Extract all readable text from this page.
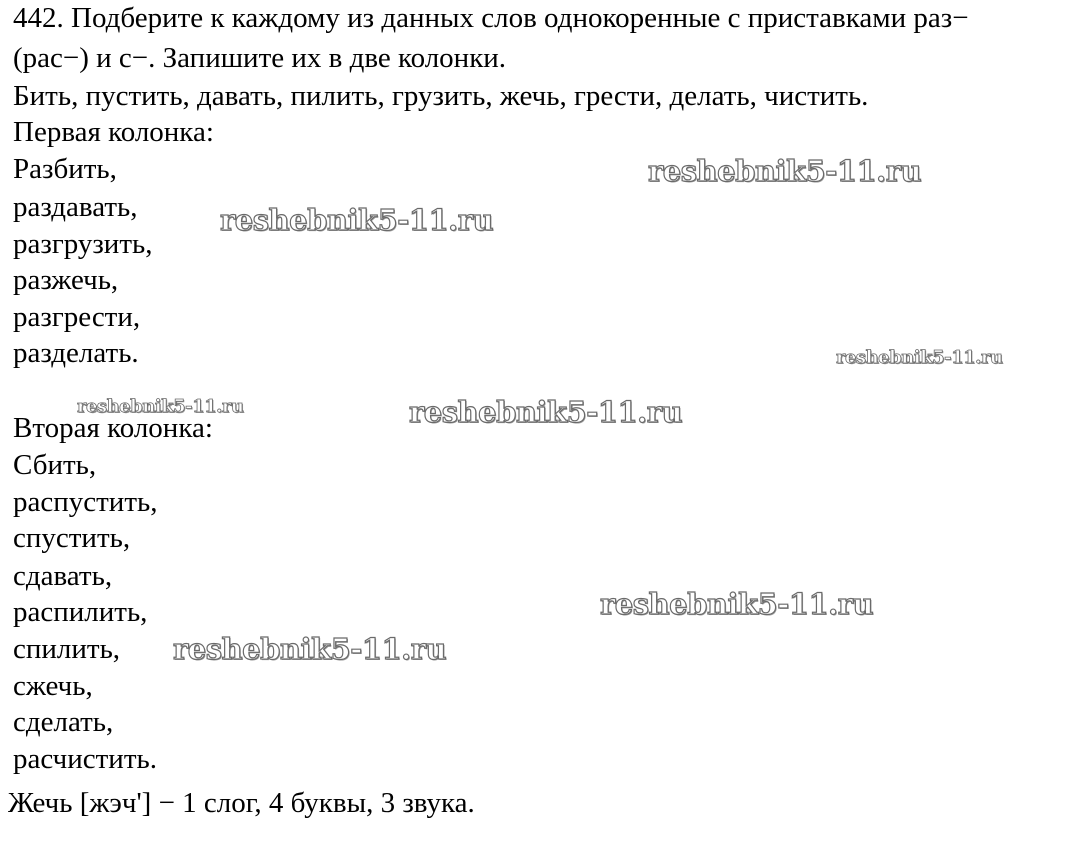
442. Подберите к каждому из данных слов однокоренные с приставками раз−
(рас−) и с−. Запишите их в две колонки.
Бить, пустить, давать, пилить, грузить, жечь, грести, делать, чистить.
Первая колонка:
Разбить,
раздавать,
разгрузить,
разжечь,
разгрести,
разделать.
Вторая колонка:
Сбить,
распустить,
спустить,
сдавать,
распилить,
спилить,
сжечь,
сделать,
расчистить.
Жечь [жэч'] − 1 слог, 4 буквы, 3 звука.
reshebnik5-11.ru
reshebnik5-11.ru
reshebnik5-11.ru
reshebnik5-11.ru	reshebnik5-11.ru
reshebnik5-11.ru
reshebnik5-11.ru
